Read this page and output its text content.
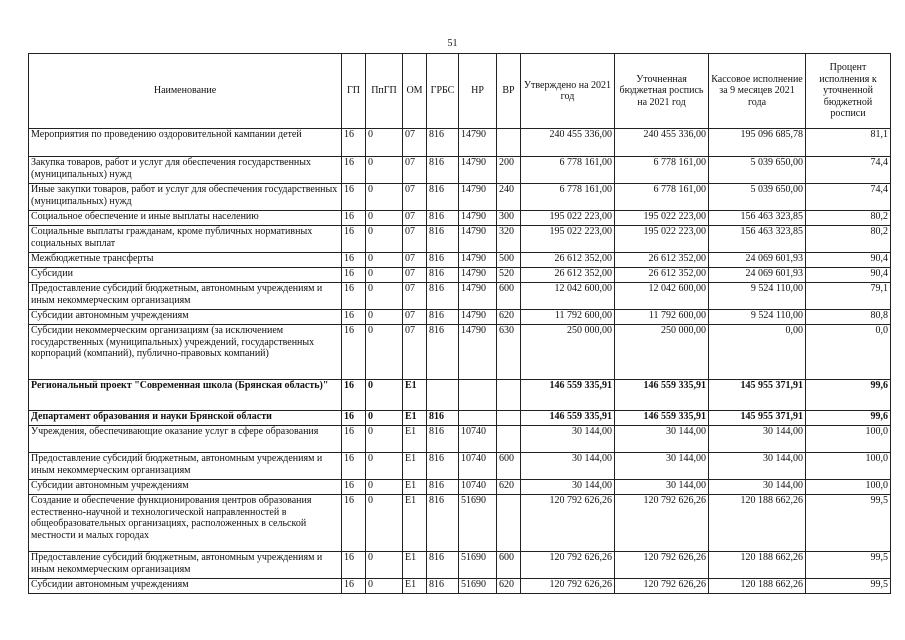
51
Наименование	ГП	ПпГП	ОМ	ГРБС	НР	ВР	Утверждено на 2021 год	Уточненная бюджетная роспись на 2021 год	Кассовое исполнение за 9 месяцев 2021 года	Процент исполнения к уточненной бюджетной росписи
Мероприятия по проведению оздоровительной кампании детей	16	0	07	816	14790		240 455 336,00	240 455 336,00	195 096 685,78	81,1
Закупка товаров, работ и услуг для обеспечения государственных (муниципальных) нужд	16	0	07	816	14790	200	6 778 161,00	6 778 161,00	5 039 650,00	74,4
Иные закупки товаров, работ и услуг для обеспечения государственных (муниципальных) нужд	16	0	07	816	14790	240	6 778 161,00	6 778 161,00	5 039 650,00	74,4
Социальное обеспечение и иные выплаты населению	16	0	07	816	14790	300	195 022 223,00	195 022 223,00	156 463 323,85	80,2
Социальные выплаты гражданам, кроме публичных нормативных социальных выплат	16	0	07	816	14790	320	195 022 223,00	195 022 223,00	156 463 323,85	80,2
Межбюджетные трансферты	16	0	07	816	14790	500	26 612 352,00	26 612 352,00	24 069 601,93	90,4
Субсидии	16	0	07	816	14790	520	26 612 352,00	26 612 352,00	24 069 601,93	90,4
Предоставление субсидий бюджетным, автономным учреждениям и иным некоммерческим организациям	16	0	07	816	14790	600	12 042 600,00	12 042 600,00	9 524 110,00	79,1
Субсидии автономным учреждениям	16	0	07	816	14790	620	11 792 600,00	11 792 600,00	9 524 110,00	80,8
Субсидии некоммерческим организациям (за исключением государственных (муниципальных) учреждений, государственных корпораций (компаний), публично-правовых компаний)	16	0	07	816	14790	630	250 000,00	250 000,00	0,00	0,0
Региональный проект "Современная школа (Брянская область)"	16	0	Е1				146 559 335,91	146 559 335,91	145 955 371,91	99,6
Департамент образования и науки Брянской области	16	0	Е1	816			146 559 335,91	146 559 335,91	145 955 371,91	99,6
Учреждения, обеспечивающие оказание услуг в сфере образования	16	0	Е1	816	10740		30 144,00	30 144,00	30 144,00	100,0
Предоставление субсидий бюджетным, автономным учреждениям и иным некоммерческим организациям	16	0	Е1	816	10740	600	30 144,00	30 144,00	30 144,00	100,0
Субсидии автономным учреждениям	16	0	Е1	816	10740	620	30 144,00	30 144,00	30 144,00	100,0
Создание и обеспечение функционирования центров образования естественно-научной и технологической направленностей в общеобразовательных организациях, расположенных в сельской местности и малых городах	16	0	Е1	816	51690		120 792 626,26	120 792 626,26	120 188 662,26	99,5
Предоставление субсидий бюджетным, автономным учреждениям и иным некоммерческим организациям	16	0	Е1	816	51690	600	120 792 626,26	120 792 626,26	120 188 662,26	99,5
Субсидии автономным учреждениям	16	0	Е1	816	51690	620	120 792 626,26	120 792 626,26	120 188 662,26	99,5
